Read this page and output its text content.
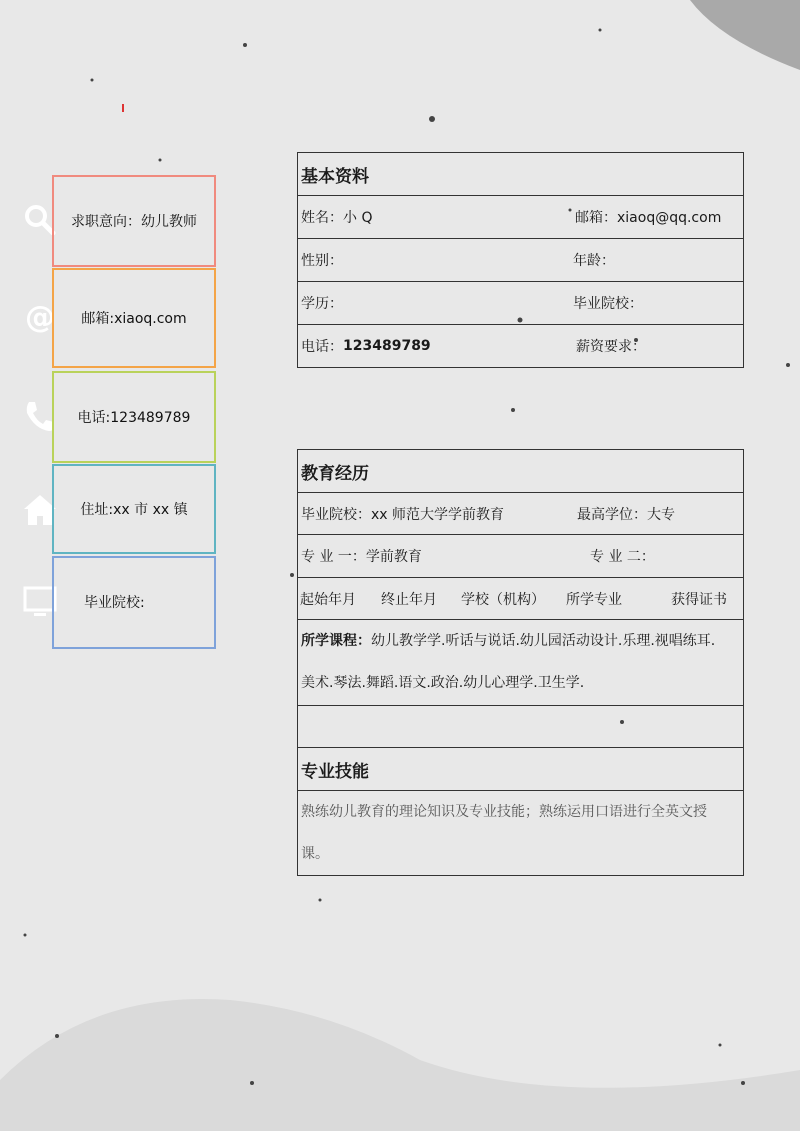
@
求职意向：幼儿教师
邮箱:xiaoq.com
电话:123489789
住址:xx 市 xx 镇
毕业院校:
基本资料
姓名：小 Q	邮箱：xiaoq@qq.com
性别：	年龄：
学历：	毕业院校：
电话： 123489789	薪资要求：
教育经历
毕业院校：xx 师范大学学前教育	最高学位：大专
专 业 一：学前教育	专 业 二：
起始年月 终止年月 学校（机构） 所学专业	获得证书
所学课程：幼儿教学学.听话与说话.幼儿园活动设计.乐理.视唱练耳.
美术.琴法.舞蹈.语文.政治.幼儿心理学.卫生学.
专业技能
熟练幼儿教育的理论知识及专业技能；熟练运用口语进行全英文授
课。
